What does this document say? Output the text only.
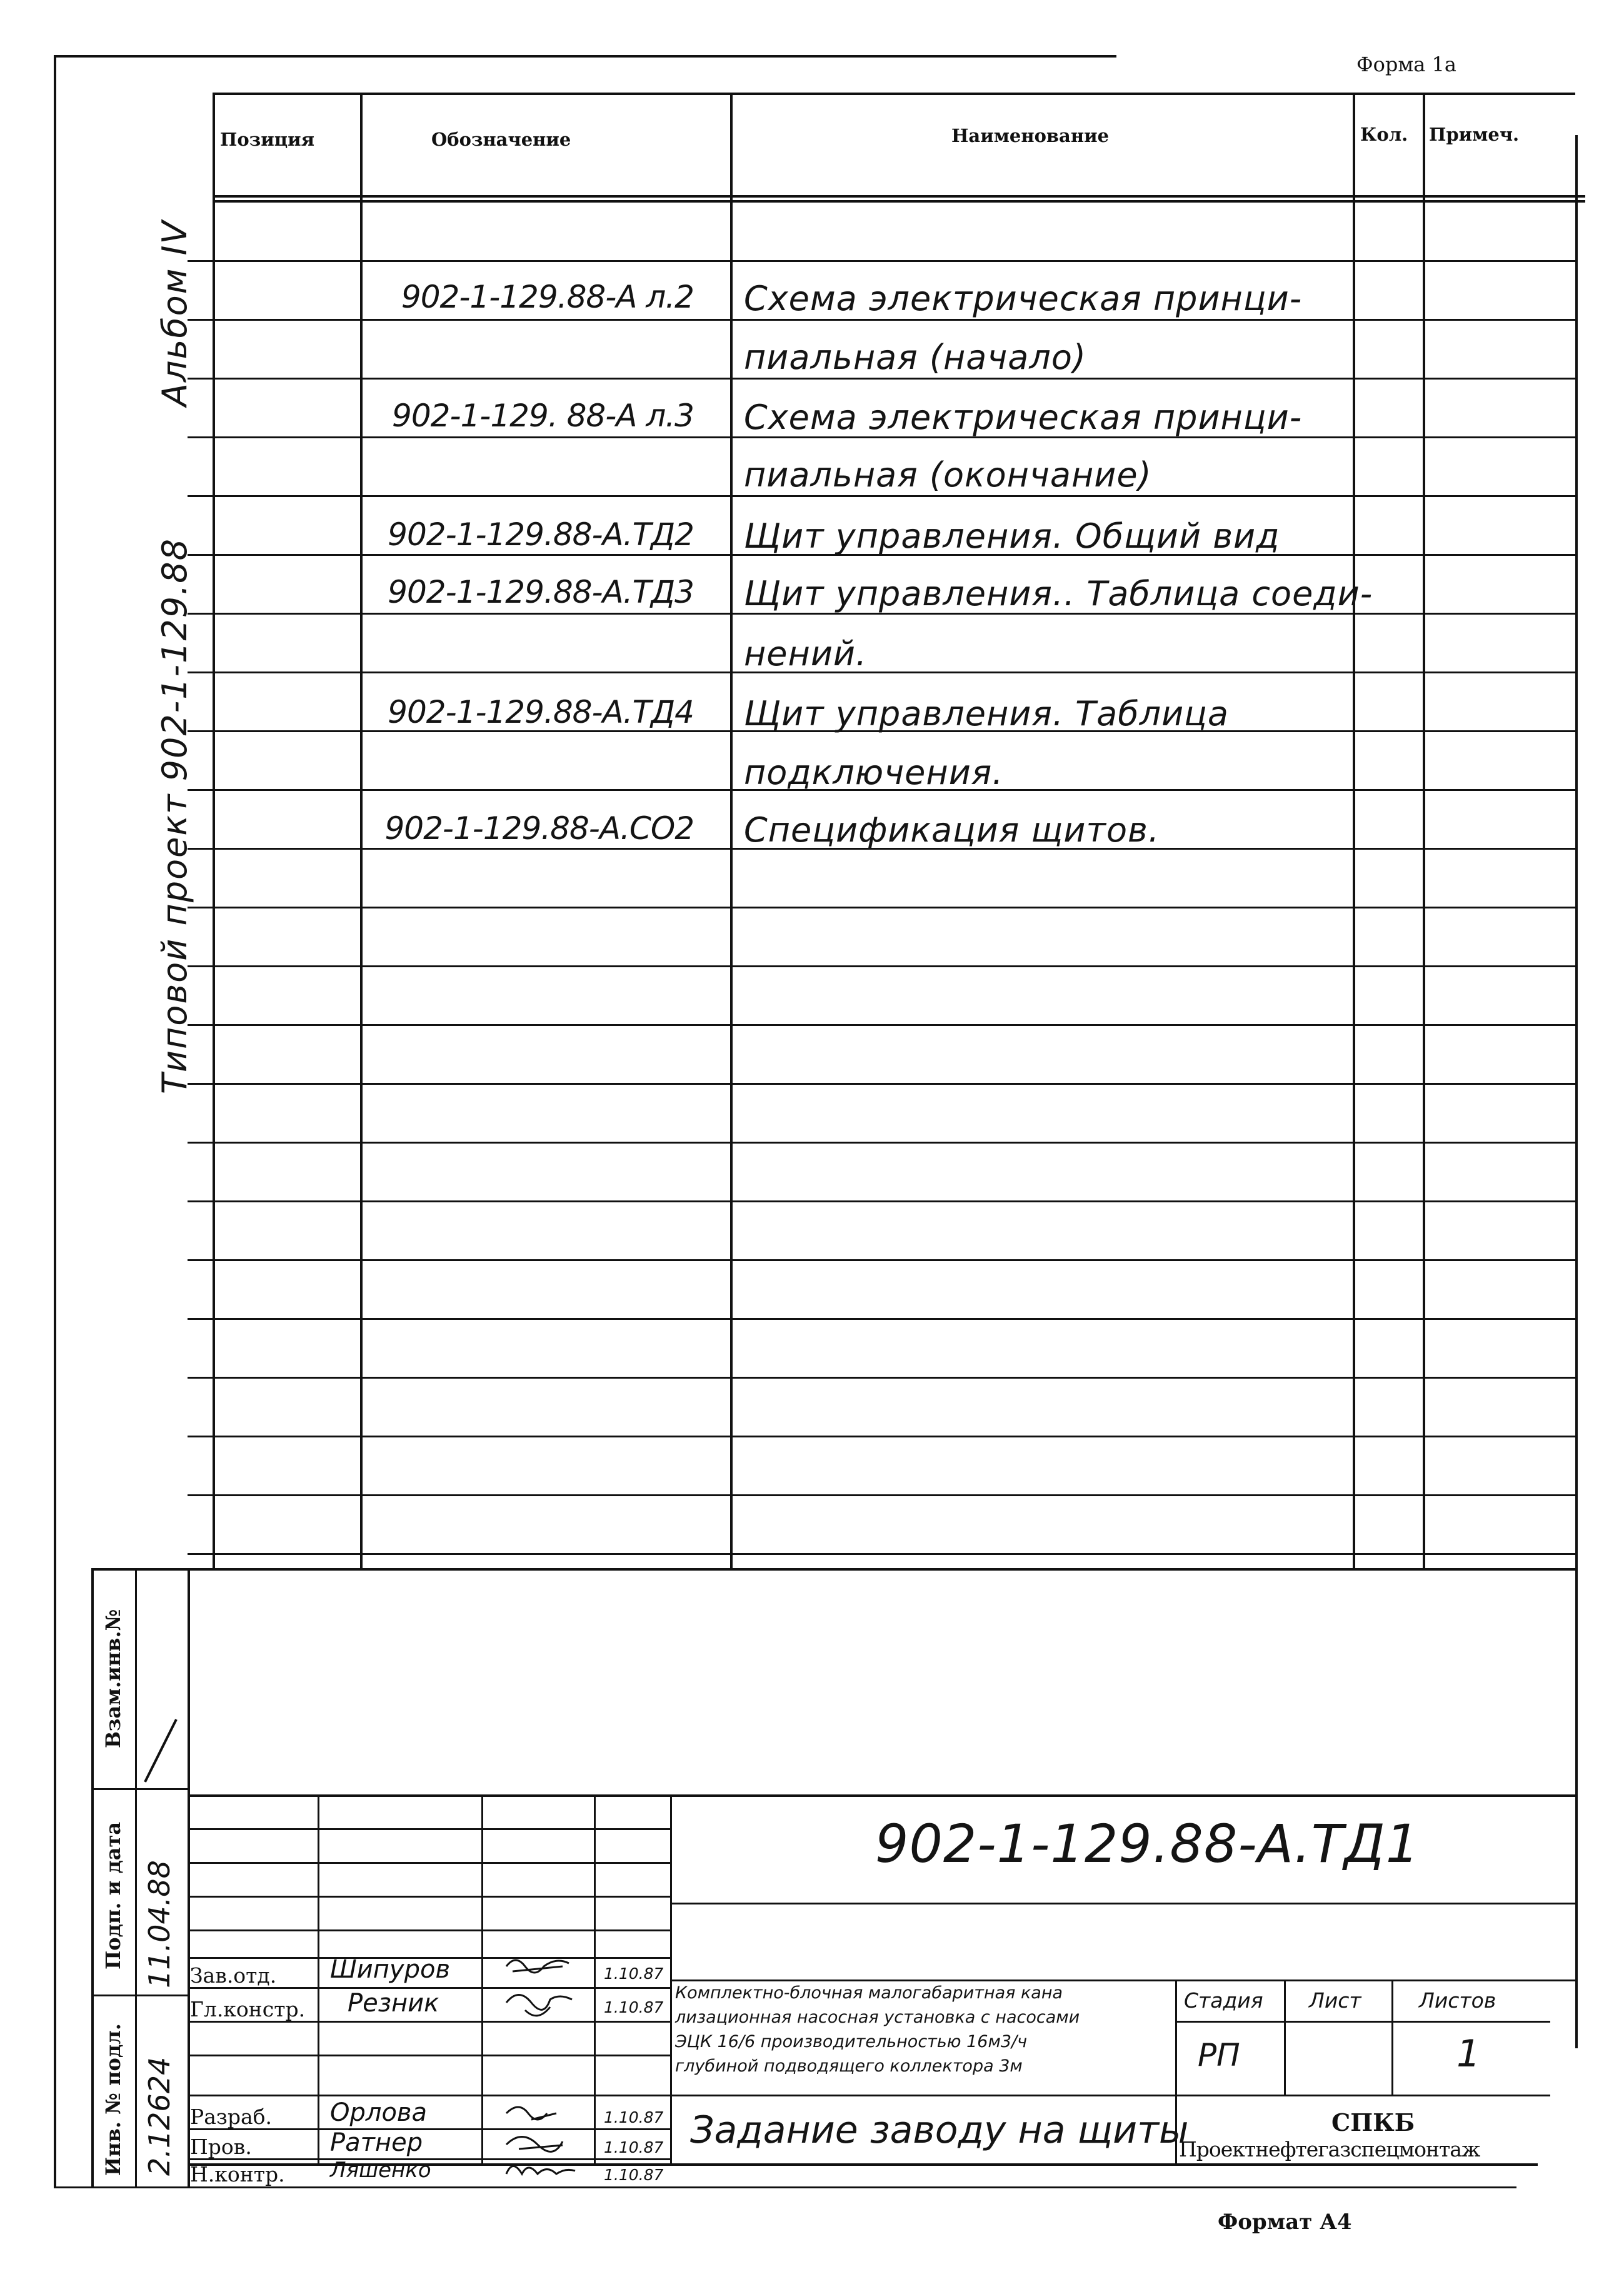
Форма 1а
Позиция	Обозначение	Наименование	Кол. Примеч.
902-1-129.88-А л.2 Схема электрическая принци-
пиальная (начало)
902-1-129. 88-А л.3 Схема электрическая принци-
пиальная (окончание)
902-1-129.88-А.ТД2 Щит управления. Общий вид
902-1-129.88-А.ТД3 Щит управления.. Таблица соеди-
нений.
902-1-129.88-А.ТД4 Щит управления. Таблица
подключения.
902-1-129.88-А.СО2 Спецификация щитов.
Альбом IV
Типовой проект 902-1-129.88
Взам.инв.№
Подп. и дата
Инв. № подл.
11.04.88
2.12624
902-1-129.88-А.ТД1
Комплектно-блочная малогабаритная кана
лизационная насосная установка с насосами
ЭЦК 16/6 производительностью 16м3/ч
глубиной подводящего коллектора 3м
Стадия Лист	Листов
РП	1
Задание заводу на щиты	СПКБ
Проектнефтегазспецмонтаж
Зав.отд. Шипуров	1.10.87
Гл.констр. Резник	1.10.87
Разраб. Орлова	1.10.87
Пров.	Ратнер	1.10.87
Н.контр. Ляшенко	1.10.87
Формат А4
